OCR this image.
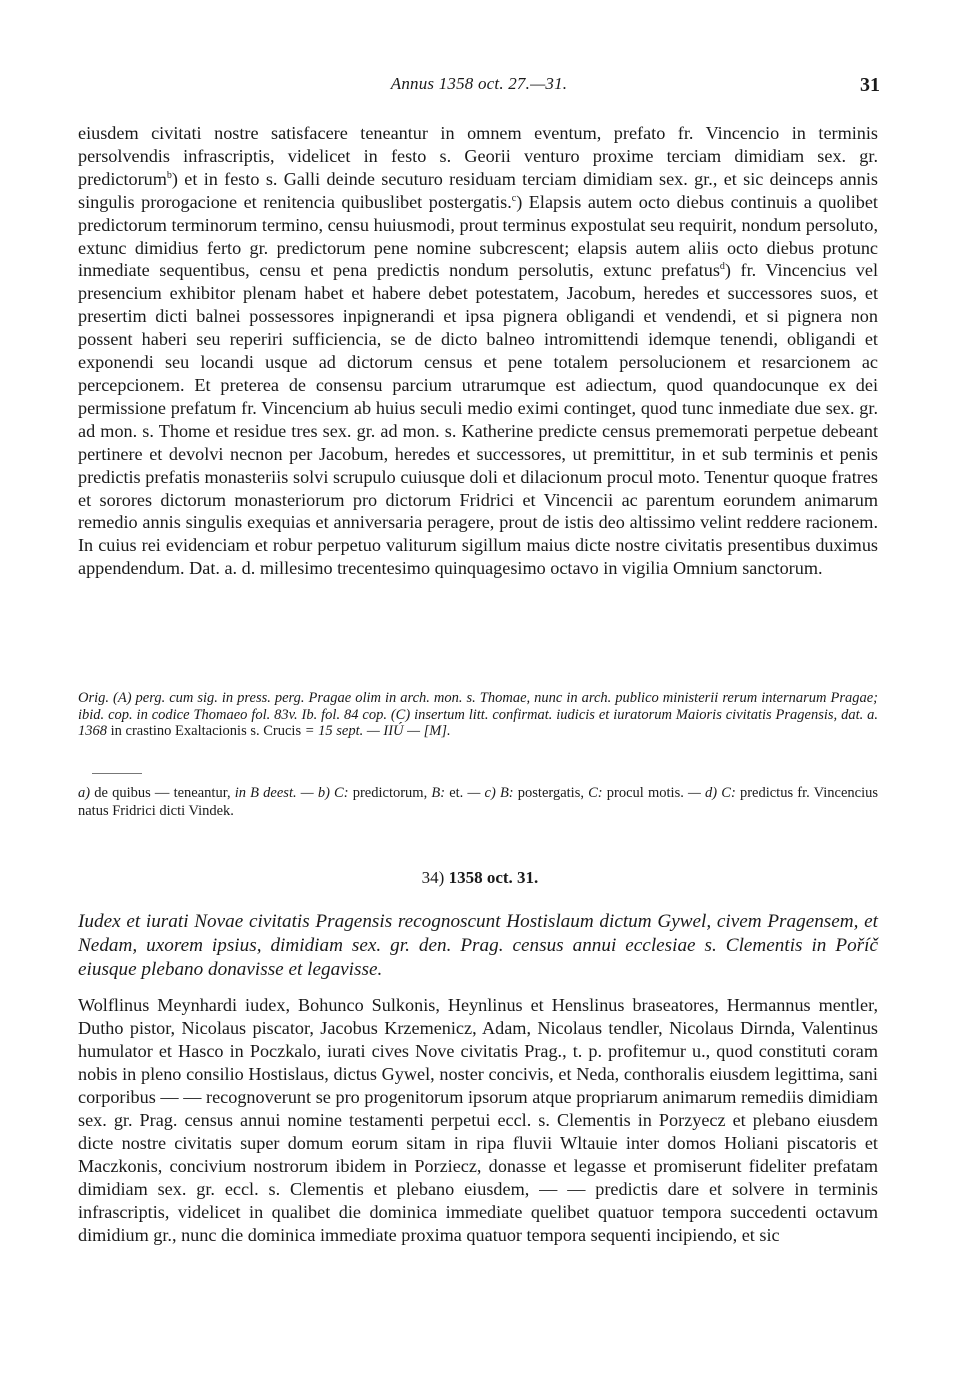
Annus 1358 oct. 27.—31.	31

eiusdem civitati nostre satisfacere teneantur in omnem eventum, prefato fr. Vincencio in terminis persolvendis infrascriptis, videlicet in festo s. Georii venturo proxime terciam dimidiam sex. gr. predictorum$^b$) et in festo s. Galli deinde secuturo residuam terciam dimidiam sex. gr., et sic deinceps annis singulis prorogacione et renitencia quibuslibet postergatis.$^c$) Elapsis autem octo diebus continuis a quolibet predictorum terminorum termino, censu huiusmodi, prout terminus expostulat seu requirit, nondum persoluto, extunc dimidius ferto gr. predictorum pene nomine subcrescent; elapsis autem aliis octo diebus protunc inmediate sequentibus, censu et pena predictis nondum persolutis, extunc prefatus$^d$) fr. Vincencius vel presencium exhibitor plenam habet et habere debet potestatem, Jacobum, heredes et successores suos, et presertim dicti balnei possessores inpignerandi et ipsa pignera obligandi et vendendi, et si pignera non possent haberi seu reperiri sufficiencia, se de dicto balneo intromittendi idemque tenendi, obligandi et exponendi seu locandi usque ad dictorum census et pene totalem persolucionem et resarcionem ac percepcionem. Et preterea de consensu parcium utrarumque est adiectum, quod quandocunque ex dei permissione prefatum fr. Vincencium ab huius seculi medio eximi continget, quod tunc inmediate due sex. gr. ad mon. s. Thome et residue tres sex. gr. ad mon. s. Katherine predicte census prememorati perpetue debeant pertinere et devolvi necnon per Jacobum, heredes et successores, ut premittitur, in et sub terminis et penis predictis prefatis monasteriis solvi scrupulo cuiusque doli et dilacionum procul moto. Tenentur quoque fratres et sorores dictorum monasteriorum pro dictorum Fridrici et Vincencii ac parentum eorundem animarum remedio annis singulis exequias et anniversaria peragere, prout de istis deo altissimo velint reddere racionem. In cuius rei evidenciam et robur perpetuo valiturum sigillum maius dicte nostre civitatis presentibus duximus appendendum. Dat. a. d. millesimo trecentesimo quinquagesimo octavo in vigilia Omnium sanctorum.

Orig. (A) perg. cum sig. in press. perg. Pragae olim in arch. mon. s. Thomae, nunc in arch. publico ministerii rerum internarum Pragae; ibid. cop. in codice Thomaeo fol. 83v. Ib. fol. 84 cop. (C) insertum litt. confirmat. iudicis et iuratorum Maioris civitatis Pragensis, dat. a. 1368 in crastino Exaltacionis s. Crucis = 15 sept. — IIÚ — [M].

a) de quibus — teneantur, in B deest. — b) C: predictorum, B: et. — c) B: postergatis, C: procul motis. — d) C: predictus fr. Vincencius natus Fridrici dicti Vindek.

34) 1358 oct. 31.

Iudex et iurati Novae civitatis Pragensis recognoscunt Hostislaum dictum Gywel, civem Pragensem, et Nedam, uxorem ipsius, dimidiam sex. gr. den. Prag. census annui ecclesiae s. Clementis in Poříč eiusque plebano donavisse et legavisse.

Wolflinus Meynhardi iudex, Bohunco Sulkonis, Heynlinus et Henslinus braseatores, Hermannus mentler, Dutho pistor, Nicolaus piscator, Jacobus Krzemenicz, Adam, Nicolaus tendler, Nicolaus Dirnda, Valentinus humulator et Hasco in Poczkalo, iurati cives Nove civitatis Prag., t. p. profitemur u., quod constituti coram nobis in pleno consilio Hostislaus, dictus Gywel, noster concivis, et Neda, conthoralis eiusdem legittima, sani corporibus — — recognoverunt se pro progenitorum ipsorum atque propriarum animarum remediis dimidiam sex. gr. Prag. census annui nomine testamenti perpetui eccl. s. Clementis in Porzyecz et plebano eiusdem dicte nostre civitatis super domum eorum sitam in ripa fluvii Wltauie inter domos Holiani piscatoris et Maczkonis, concivium nostrorum ibidem in Porziecz, donasse et legasse et promiserunt fideliter prefatam dimidiam sex. gr. eccl. s. Clementis et plebano eiusdem, — — predictis dare et solvere in terminis infrascriptis, videlicet in qualibet die dominica immediate quelibet quatuor tempora succedenti octavum dimidium gr., nunc die dominica immediate proxima quatuor tempora sequenti incipiendo, et sic
